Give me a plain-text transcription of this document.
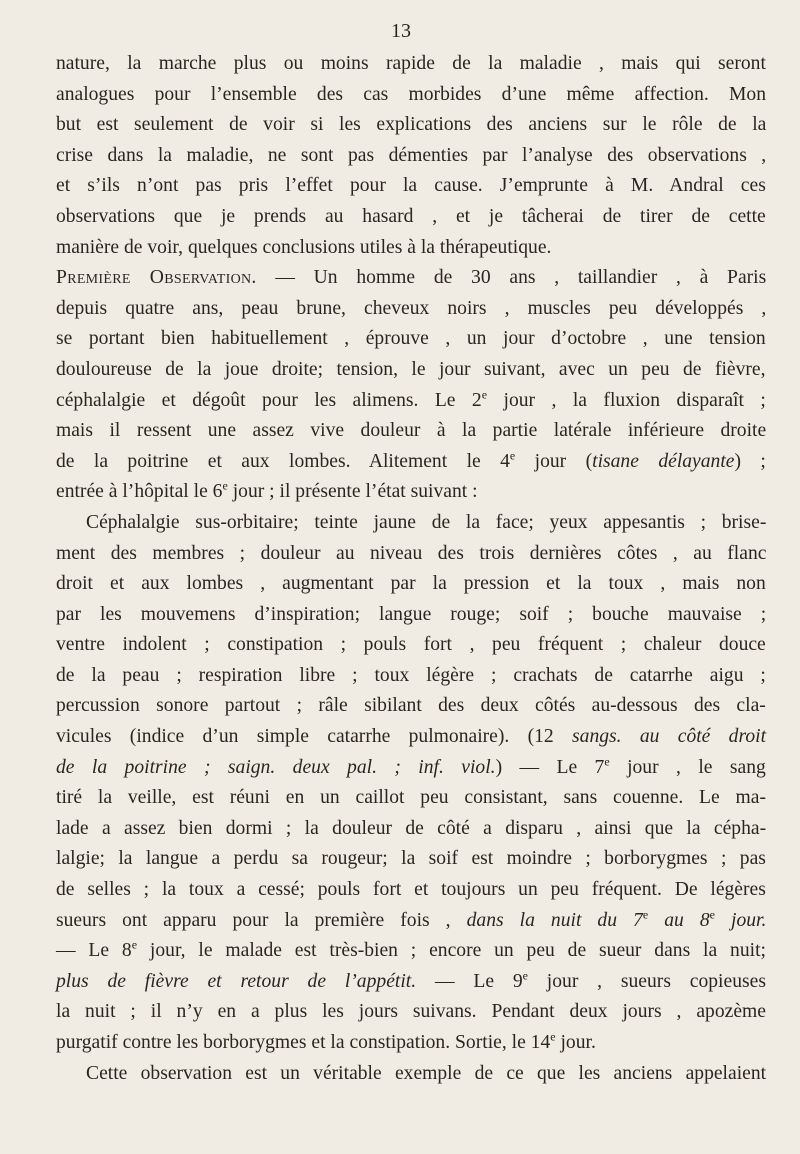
13
nature, la marche plus ou moins rapide de la maladie , mais qui seront
analogues pour l’ensemble des cas morbides d’une même affection. Mon
but est seulement de voir si les explications des anciens sur le rôle de la
crise dans la maladie, ne sont pas démenties par l’analyse des observations ,
et s’ils n’ont pas pris l’effet pour la cause. J’emprunte à M. Andral ces
observations que je prends au hasard , et je tâcherai de tirer de cette
manière de voir, quelques conclusions utiles à la thérapeutique.
Première Observation. — Un homme de 30 ans , taillandier , à Paris
depuis quatre ans, peau brune, cheveux noirs , muscles peu développés ,
se portant bien habituellement , éprouve , un jour d’octobre , une tension
douloureuse de la joue droite; tension, le jour suivant, avec un peu de fièvre,
céphalalgie et dégoût pour les alimens. Le 2e jour , la fluxion disparaît ;
mais il ressent une assez vive douleur à la partie latérale inférieure droite
de la poitrine et aux lombes. Alitement le 4e jour (tisane délayante) ;
entrée à l’hôpital le 6e jour ; il présente l’état suivant :
Céphalalgie sus-orbitaire; teinte jaune de la face; yeux appesantis ; brise-
ment des membres ; douleur au niveau des trois dernières côtes , au flanc
droit et aux lombes , augmentant par la pression et la toux , mais non
par les mouvemens d’inspiration; langue rouge; soif ; bouche mauvaise ;
ventre indolent ; constipation ; pouls fort , peu fréquent ; chaleur douce
de la peau ; respiration libre ; toux légère ; crachats de catarrhe aigu ;
percussion sonore partout ; râle sibilant des deux côtés au-dessous des cla-
vicules (indice d’un simple catarrhe pulmonaire). (12 sangs. au côté droit
de la poitrine ; saign. deux pal. ; inf. viol.) — Le 7e jour , le sang
tiré la veille, est réuni en un caillot peu consistant, sans couenne. Le ma-
lade a assez bien dormi ; la douleur de côté a disparu , ainsi que la cépha-
lalgie; la langue a perdu sa rougeur; la soif est moindre ; borborygmes ; pas
de selles ; la toux a cessé; pouls fort et toujours un peu fréquent. De légères
sueurs ont apparu pour la première fois , dans la nuit du 7e au 8e jour.
— Le 8e jour, le malade est très-bien ; encore un peu de sueur dans la nuit;
plus de fièvre et retour de l’appétit. — Le 9e jour , sueurs copieuses
la nuit ; il n’y en a plus les jours suivans. Pendant deux jours , apozème
purgatif contre les borborygmes et la constipation. Sortie, le 14e jour.
Cette observation est un véritable exemple de ce que les anciens appelaient
